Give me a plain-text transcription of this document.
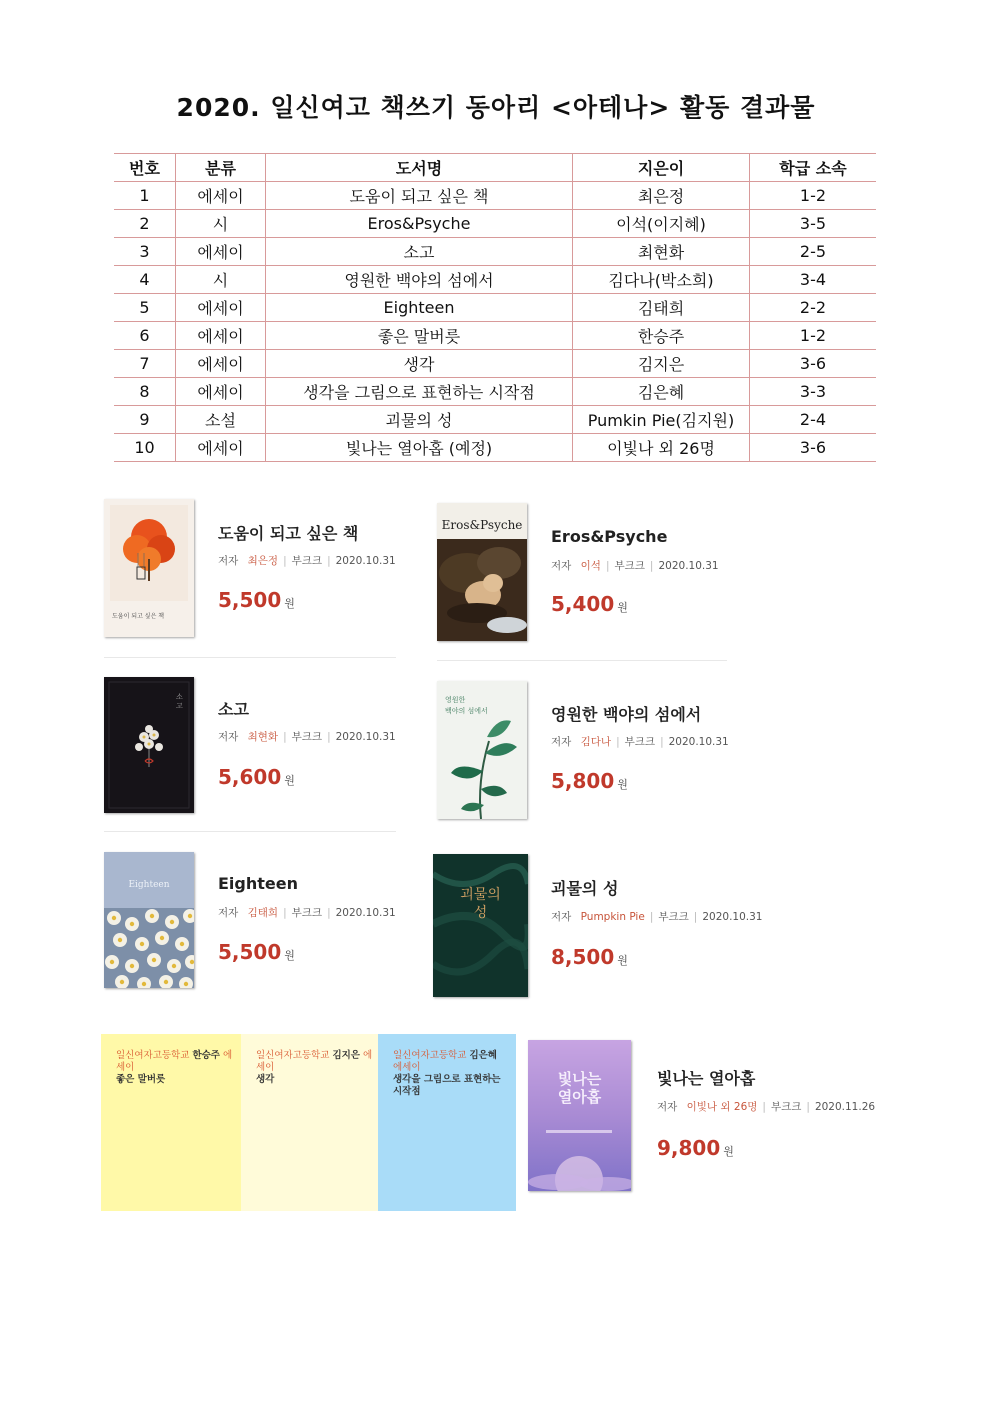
2020. 일신여고 책쓰기 동아리 <아테나> 활동 결과물
번호	분류	도서명	지은이	학급 소속
1	에세이	도움이 되고 싶은 책	최은정	1-2
2	시	Eros&Psyche	이석(이지혜)	3-5
3	에세이	소고	최현화	2-5
4	시	영원한 백야의 섬에서	김다나(박소희)	3-4
5	에세이	Eighteen	김태희	2-2
6	에세이	좋은 말버릇	한승주	1-2
7	에세이	생각	김지은	3-6
8	에세이	생각을 그림으로 표현하는 시작점	김은혜	3-3
9	소설	괴물의 성	Pumkin Pie(김지원)	2-4
10	에세이	빛나는 열아홉 (예정)	이빛나 외 26명	3-6
도움이 되고 싶은 책
도움이 되고 싶은 책
저자 최은정 | 부크크 | 2020.10.31
5,500 원
Eros&Psyche
Eros&Psyche
저자 이석 | 부크크 | 2020.10.31
5,400 원
소고 소고
저자 최현화 | 부크크 | 2020.10.31
5,600 원
영원한
백야의 섬에서	영원한 백야의 섬에서
저자 김다나 | 부크크 | 2020.10.31
5,800 원
Eighteen	Eighteen
저자 김태희 | 부크크 | 2020.10.31
5,500 원
괴물의
성
괴물의 성
저자 Pumpkin Pie | 부크크 | 2020.10.31
8,500 원
일신여자고등학교 한승주 에세이
좋은 말버릇
일신여자고등학교 김지은 에세이
생각
일신여자고등학교 김은혜 에세이
생각을 그림으로 표현하는 시작점
빛나는
열아홉
빛나는 열아홉
저자 이빛나 외 26명 | 부크크 | 2020.11.26
9,800 원
